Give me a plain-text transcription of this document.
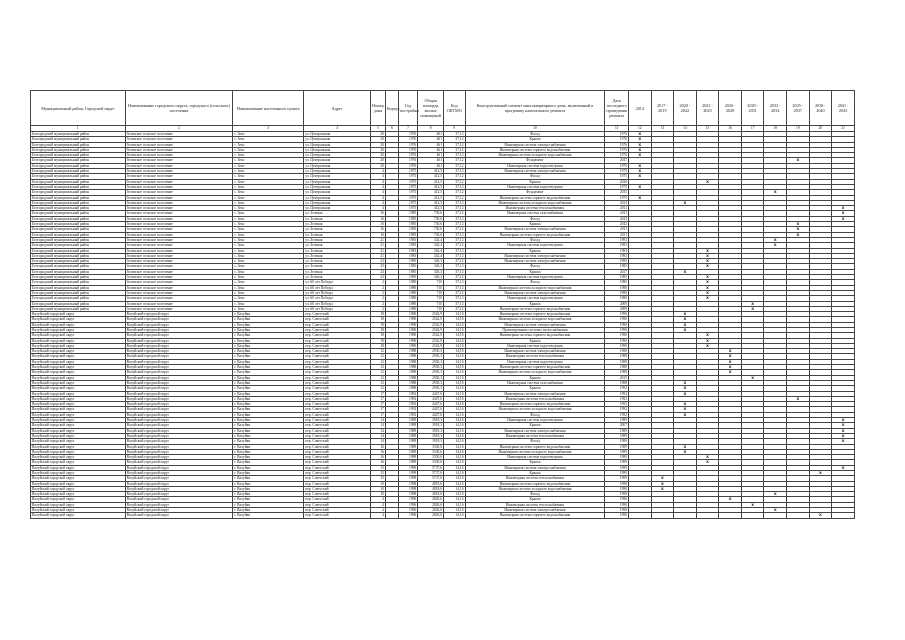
Муниципальный район, Городской округ	Наименование городского округа, городского (сельского) поселения	Наименование населенного пункта	Адрес	Номер дома	Корпус	Год постройки	Общая площадь жилых помещений	Код ОКТМО	Конструктивный элемент многоквартирного дома, включенный в программу капитального ремонта	Дата последнего проведения ремонта	2014	2017 - 2019	2020 - 2022	2023 - 2025	2026 - 2028	2029 - 2031	2032 - 2034	2035 - 2037	2038 - 2040	2041 - 2043
1	2	3	4	5	6	7	8	9	10	11	12	13	14	15	16	17	18	19	20	21
Белгородский муниципальный район	Зеленское сельское поселение	с. Зеко	ул. Центральная	20		1976	461	37,12	Фасад	1976	X									
Белгородский муниципальный район	Зеленское сельское поселение	с. Зеко	ул. Центральная	20		1976	461	37,12	Крыша	1976	X									
Белгородский муниципальный район	Зеленское сельское поселение	с. Зеко	ул. Центральная	20		1976	461	37,12	Инженерная система электроснабжения	1976	X									
Белгородский муниципальный район	Зеленское сельское поселение	с. Зеко	ул. Центральная	20		1976	461	37,12	Инженерная система горячего водоснабжения	1976	X									
Белгородский муниципальный район	Зеленское сельское поселение	с. Зеко	ул. Центральная	20		1976	461	37,12	Инженерная система холодного водоснабжения	1976	X									
Белгородский муниципальный район	Зеленское сельское поселение	с. Зеко	ул. Центральная	20		1976	461	37,12	Фундамент	2047								X		
Белгородский муниципальный район	Зеленское сельское поселение	с. Зеко	ул. Центральная	20		1976	461	37,12	Инженерная система водоотведения	1976	X									
Белгородский муниципальный район	Зеленское сельское поселение	с. Зеко	ул. Центральная	4		1975	412,5	37,12	Инженерная система электроснабжения	1975	X									
Белгородский муниципальный район	Зеленское сельское поселение	с. Зеко	ул. Центральная	4		1975	412,5	37,12	Фасад	1975	X									
Белгородский муниципальный район	Зеленское сельское поселение	с. Зеко	ул. Центральная	4		1975	412,5	37,12	Крыша	2026				X						
Белгородский муниципальный район	Зеленское сельское поселение	с. Зеко	ул. Центральная	4		1975	412,5	37,12	Инженерная система водоотведения	1975	X									
Белгородский муниципальный район	Зеленское сельское поселение	с. Зеко	ул. Центральная	4		1975	412,5	37,12	Фундамент	2035							X			
Белгородский муниципальный район	Зеленское сельское поселение	с. Зеко	ул. Центральная	4		1975	412,5	37,12	Инженерная система горячего водоснабжения	1975	X									
Белгородский муниципальный район	Зеленское сельское поселение	с. Зеко	ул. Центральная	4		1975	412,5	37,12	Инженерная система холодного водоснабжения	2023			X							
Белгородский муниципальный район	Зеленское сельское поселение	с. Зеко	ул. Центральная	4		1975	412,5	37,12	Инженерная система теплоснабжения	2011										X
Белгородский муниципальный район	Зеленское сельское поселение	с. Зеко	ул. Зеленая	16		1985	730,6	37,12	Инженерная система газоснабжения	2011										X
Белгородский муниципальный район	Зеленское сельское поселение	с. Зеко	ул. Зеленая	16		1985	730,6	37,12	Фасад	2043										X
Белгородский муниципальный район	Зеленское сельское поселение	с. Зеко	ул. Зеленая	16		1985	730,6	37,12	Крыша	2043								X		
Белгородский муниципальный район	Зеленское сельское поселение	с. Зеко	ул. Зеленая	16		1985	730,6	37,12	Инженерная система электроснабжения	2011								X		
Белгородский муниципальный район	Зеленское сельское поселение	с. Зеко	ул. Зеленая	16		1985	730,6	37,12	Инженерная система горячего водоснабжения	2011								X		
Белгородский муниципальный район	Зеленское сельское поселение	с. Зеко	ул. Зеленая	21		1983	342,4	37,12	Фасад	1983							X			
Белгородский муниципальный район	Зеленское сельское поселение	с. Зеко	ул. Зеленая	21		1983	342,4	37,12	Инженерная система водоотведения	1983							X			
Белгородский муниципальный район	Зеленское сельское поселение	с. Зеко	ул. Зеленая	21		1983	342,4	37,12	Крыша	1983				X						
Белгородский муниципальный район	Зеленское сельское поселение	с. Зеко	ул. Зеленая	21		1983	342,4	37,12	Инженерная система электроснабжения	1983				X						
Белгородский муниципальный район	Зеленское сельское поселение	с. Зеко	ул. Зеленая	23		1985	326,3	37,12	Инженерная система электроснабжения	1985				X						
Белгородский муниципальный район	Зеленское сельское поселение	с. Зеко	ул. Зеленая	23		1985	326,3	37,12	Фасад	1985				X						
Белгородский муниципальный район	Зеленское сельское поселение	с. Зеко	ул. Зеленая	23		1985	326,3	37,12	Крыша	2027			X							
Белгородский муниципальный район	Зеленское сельское поселение	с. Зеко	ул. Зеленая	23		1985	326,3	37,12	Инженерная система водоотведения	1985				X						
Белгородский муниципальный район	Зеленское сельское поселение	с. Зеко	ул. 60 лет Победы	2		1980	710	37,12	Фасад	1980				X						
Белгородский муниципальный район	Зеленское сельское поселение	с. Зеко	ул. 60 лет Победы	2		1980	710	37,12	Инженерная система холодного водоснабжения	1980				X						
Белгородский муниципальный район	Зеленское сельское поселение	с. Зеко	ул. 60 лет Победы	2		1980	710	37,12	Инженерная система электроснабжения	1980				X						
Белгородский муниципальный район	Зеленское сельское поселение	с. Зеко	ул. 60 лет Победы	2		1980	710	37,12	Инженерная система водоотведения	1980				X						
Белгородский муниципальный район	Зеленское сельское поселение	с. Зеко	ул. 60 лет Победы	2		1980	710	37,12	Крыша	2009						X				
Белгородский муниципальный район	Зеленское сельское поселение	с. Зеко	ул. 60 лет Победы	2		1980	710	37,12	Инженерная система горячего водоснабжения	2009						X				
Валуйский городской округ	Валуйский городской округ	г. Валуйки	пер. Советский	18		1990	2542,9	14,16	Инженерная система горячего водоснабжения	1990			X							
Валуйский городской округ	Валуйский городской округ	г. Валуйки	пер. Советский	18		1990	2542,9	14,16	Инженерная система холодного водоснабжения	1990			X							
Валуйский городской округ	Валуйский городской округ	г. Валуйки	пер. Советский	18		1990	2542,9	14,16	Инженерная система электроснабжения	1990			X							
Валуйский городской округ	Валуйский городской округ	г. Валуйки	пер. Советский	18		1990	2542,9	14,16	Проектирование системы теплоснабжения	1990			X							
Валуйский городской округ	Валуйский городской округ	г. Валуйки	пер. Советский	18		1990	2542,9	14,16	Инженерная система горячего водоснабжения	1990				X						
Валуйский городской округ	Валуйский городской округ	г. Валуйки	пер. Советский	18		1990	2542,9	14,16	Крыша	1990				X						
Валуйский городской округ	Валуйский городской округ	г. Валуйки	пер. Советский	18		1990	2542,9	14,16	Инженерная система водоотведения	1990				X						
Валуйский городской округ	Валуйский городской округ	г. Валуйки	пер. Советский	12		1988	2930,3	14,16	Инженерная система электроснабжения	1988					X					
Валуйский городской округ	Валуйский городской округ	г. Валуйки	пер. Советский	12		1988	2930,3	14,16	Инженерная система теплоснабжения	1988					X					
Валуйский городской округ	Валуйский городской округ	г. Валуйки	пер. Советский	12		1988	2930,3	14,16	Инженерная система водоотведения	1988					X					
Валуйский городской округ	Валуйский городской округ	г. Валуйки	пер. Советский	12		1988	2930,3	14,16	Инженерная система горячего водоснабжения	1988					X					
Валуйский городской округ	Валуйский городской округ	г. Валуйки	пер. Советский	12		1988	2930,3	14,16	Инженерная система холодного водоснабжения	1988					X					
Валуйский городской округ	Валуйский городской округ	г. Валуйки	пер. Советский	12		1988	2930,3	14,16	Крыша	2015						X				
Валуйский городской округ	Валуйский городской округ	г. Валуйки	пер. Советский	12		1988	2930,3	14,16	Инженерная система газоснабжения	1988			X							
Валуйский городской округ	Валуйский городской округ	г. Валуйки	пер. Советский	12		1988	2930,3	14,16	Крыша	1992			X							
Валуйский городской округ	Валуйский городской округ	г. Валуйки	пер. Советский	17		1992	4447,6	14,16	Инженерная система электроснабжения	1992			X							
Валуйский городской округ	Валуйский городской округ	г. Валуйки	пер. Советский	17		1992	4447,6	14,16	Инженерная система теплоснабжения	1992								X		
Валуйский городской округ	Валуйский городской округ	г. Валуйки	пер. Советский	17		1992	4447,6	14,16	Инженерная система горячего водоснабжения	1992			X							
Валуйский городской округ	Валуйский городской округ	г. Валуйки	пер. Советский	17		1992	4447,6	14,16	Инженерная система холодного водоснабжения	1992			X							
Валуйский городской округ	Валуйский городской округ	г. Валуйки	пер. Советский	17		1992	4447,6	14,16	Фасад	1992			X							
Валуйский городской округ	Валуйский городской округ	г. Валуйки	пер. Советский	14		1989	3918,3	14,16	Инженерная система водоотведения	1989										X
Валуйский городской округ	Валуйский городской округ	г. Валуйки	пер. Советский	14		1989	3918,3	14,16	Крыша	2007										X
Валуйский городской округ	Валуйский городской округ	г. Валуйки	пер. Советский	14		1989	3918,3	14,16	Инженерная система электроснабжения	1989										X
Валуйский городской округ	Валуйский городской округ	г. Валуйки	пер. Советский	14		1989	3918,3	14,16	Инженерная система теплоснабжения	1989										X
Валуйский городской округ	Валуйский городской округ	г. Валуйки	пер. Советский	14		1989	3918,3	14,16	Фасад	1989										X
Валуйский городской округ	Валуйский городской округ	г. Валуйки	пер. Советский	16		1989	3330,6	14,16	Инженерная система горячего водоснабжения	1989			X							
Валуйский городской округ	Валуйский городской округ	г. Валуйки	пер. Советский	16		1989	3330,6	14,16	Инженерная система холодного водоснабжения	1989			X							
Валуйский городской округ	Валуйский городской округ	г. Валуйки	пер. Советский	16		1989	3330,6	14,16	Инженерная система водоотведения	1989				X						
Валуйский городской округ	Валуйский городской округ	г. Валуйки	пер. Советский	16		1989	3330,6	14,16	Крыша	1989				X						
Валуйский городской округ	Валуйский городской округ	г. Валуйки	пер. Советский	15		1999	5737,6	14,16	Инженерная система электроснабжения	1999										X
Валуйский городской округ	Валуйский городской округ	г. Валуйки	пер. Советский	15		1999	5737,6	14,16	Крыша	1999									X	
Валуйский городской округ	Валуйский городской округ	г. Валуйки	пер. Советский	15		1999	5737,6	14,16	Инженерная система теплоснабжения	1999		X								
Валуйский городской округ	Валуйский городской округ	г. Валуйки	пер. Советский	10		1998	4818,6	14,16	Инженерная система горячего водоснабжения	1998		X								
Валуйский городской округ	Валуйский городской округ	г. Валуйки	пер. Советский	10		1998	4818,6	14,16	Инженерная система холодного водоснабжения	1998		X								
Валуйский городской округ	Валуйский городской округ	г. Валуйки	пер. Советский	10		1998	4818,6	14,16	Фасад	1998							X			
Валуйский городской округ	Валуйский городской округ	г. Валуйки	пер. Советский	4		1996	2826,6	14,16	Крыша	1996					X					
Валуйский городской округ	Валуйский городской округ	г. Валуйки	пер. Советский	4		1996	2826,6	14,16	Инженерная система теплоснабжения	1996						X				
Валуйский городской округ	Валуйский городской округ	г. Валуйки	пер. Советский	4		1996	2826,6	14,16	Инженерная система электроснабжения	1996							X			
Валуйский городской округ	Валуйский городской округ	г. Валуйки	пер. Советский	4		1996	2826,6	14,16	Инженерная система горячего водоснабжения	1996									X	
